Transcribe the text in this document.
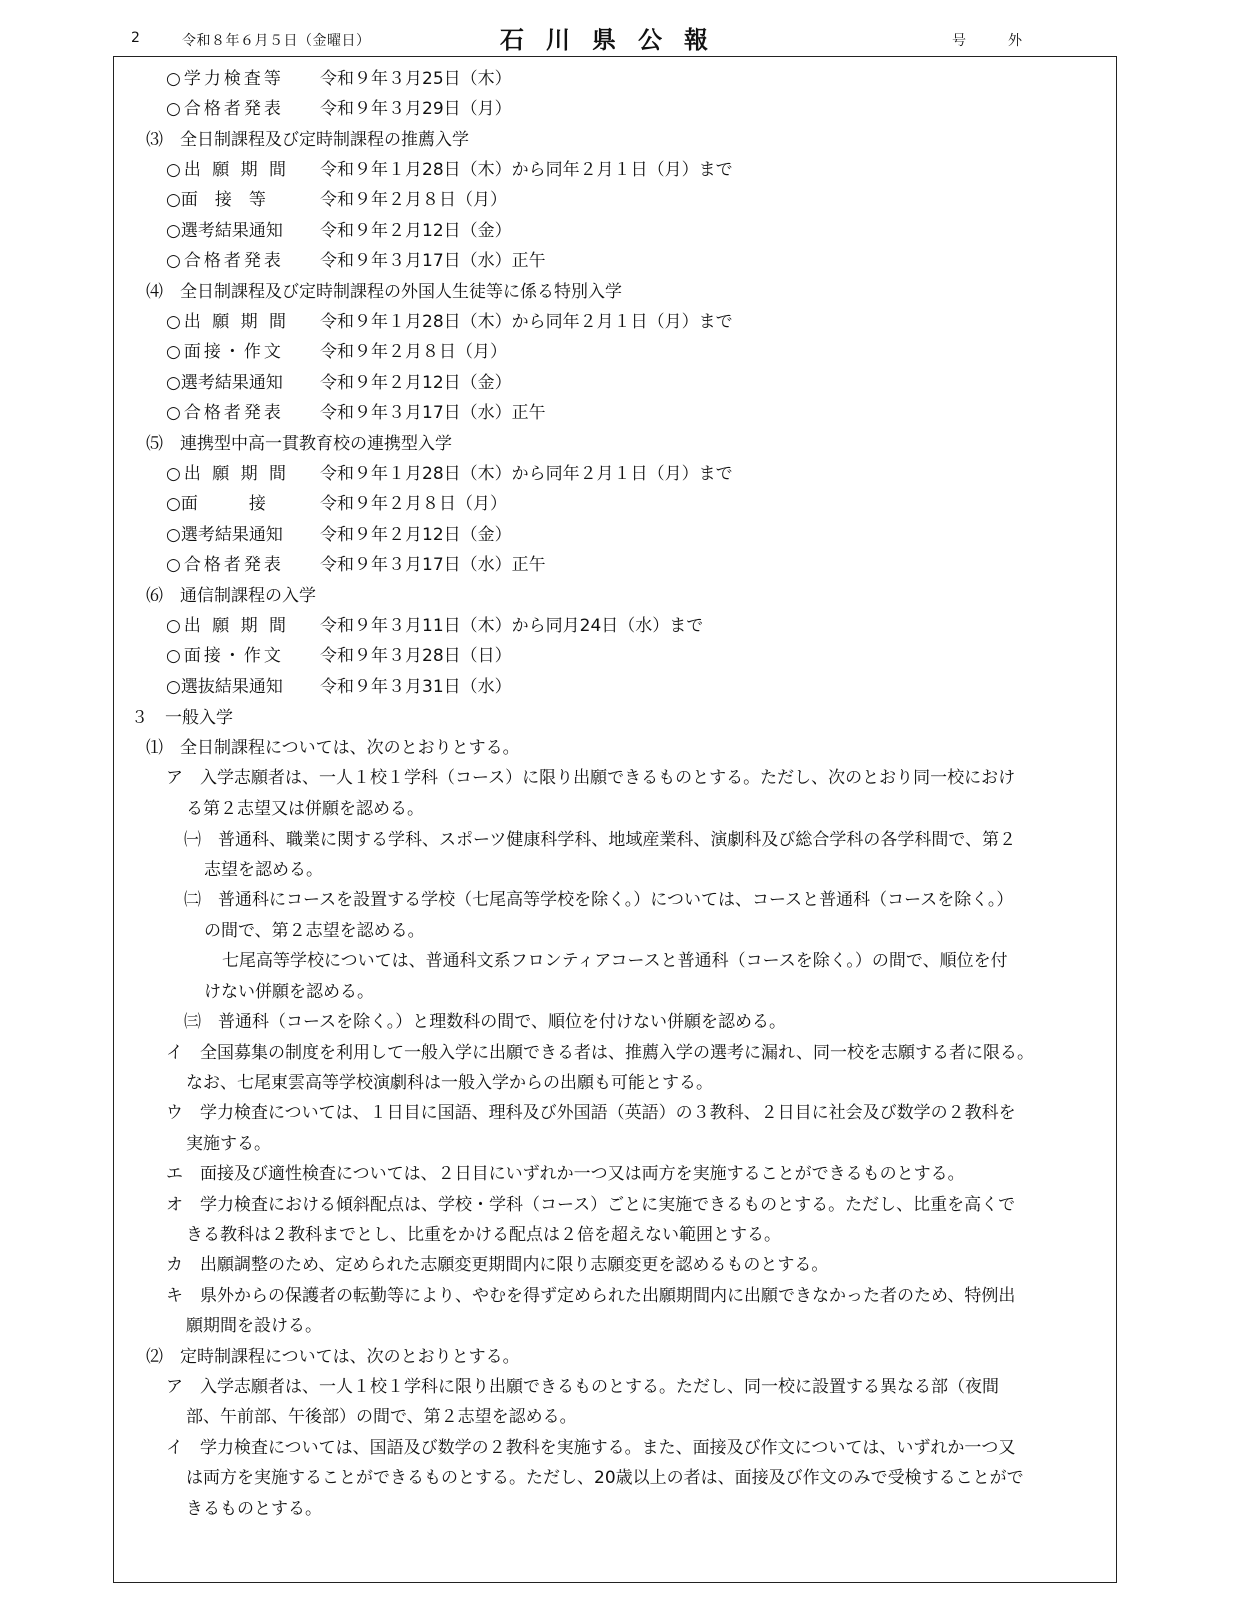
2	令和８年６月５日（金曜日）	石川県公報	号　　　外
○学力検査等 令和９年３月25日（木）
○合格者発表 令和９年３月29日（月）
⑶　全日制課程及び定時制課程の推薦入学
○出 願 期 間 令和９年１月28日（木）から同年２月１日（月）まで
○面　接　等	令和９年２月８日（月）
○選考結果通知 令和９年２月12日（金）
○合格者発表 令和９年３月17日（水）正午
⑷　全日制課程及び定時制課程の外国人生徒等に係る特別入学
○出 願 期 間 令和９年１月28日（木）から同年２月１日（月）まで
○面接・作文 令和９年２月８日（月）
○選考結果通知 令和９年２月12日（金）
○合格者発表 令和９年３月17日（水）正午
⑸　連携型中高一貫教育校の連携型入学
○出 願 期 間 令和９年１月28日（木）から同年２月１日（月）まで
○面　　　接	令和９年２月８日（月）
○選考結果通知 令和９年２月12日（金）
○合格者発表 令和９年３月17日（水）正午
⑹　通信制課程の入学
○出 願 期 間 令和９年３月11日（木）から同月24日（水）まで
○面接・作文 令和９年３月28日（日）
○選抜結果通知 令和９年３月31日（水）
３　一般入学
⑴　全日制課程については、次のとおりとする。
ア　入学志願者は、一人１校１学科（コース）に限り出願できるものとする。ただし、次のとおり同一校におけ
る第２志望又は併願を認める。
㈠　普通科、職業に関する学科、スポーツ健康科学科、地域産業科、演劇科及び総合学科の各学科間で、第２
志望を認める。
㈡　普通科にコースを設置する学校（七尾高等学校を除く。）については、コースと普通科（コースを除く。）
の間で、第２志望を認める。
七尾高等学校については、普通科文系フロンティアコースと普通科（コースを除く。）の間で、順位を付
けない併願を認める。
㈢　普通科（コースを除く。）と理数科の間で、順位を付けない併願を認める。
イ　全国募集の制度を利用して一般入学に出願できる者は、推薦入学の選考に漏れ、同一校を志願する者に限る。
なお、七尾東雲高等学校演劇科は一般入学からの出願も可能とする。
ウ　学力検査については、１日目に国語、理科及び外国語（英語）の３教科、２日目に社会及び数学の２教科を
実施する。
エ　面接及び適性検査については、２日目にいずれか一つ又は両方を実施することができるものとする。
オ　学力検査における傾斜配点は、学校・学科（コース）ごとに実施できるものとする。ただし、比重を高くで
きる教科は２教科までとし、比重をかける配点は２倍を超えない範囲とする。
カ　出願調整のため、定められた志願変更期間内に限り志願変更を認めるものとする。
キ　県外からの保護者の転勤等により、やむを得ず定められた出願期間内に出願できなかった者のため、特例出
願期間を設ける。
⑵　定時制課程については、次のとおりとする。
ア　入学志願者は、一人１校１学科に限り出願できるものとする。ただし、同一校に設置する異なる部（夜間
部、午前部、午後部）の間で、第２志望を認める。
イ　学力検査については、国語及び数学の２教科を実施する。また、面接及び作文については、いずれか一つ又
は両方を実施することができるものとする。ただし、20歳以上の者は、面接及び作文のみで受検することがで
きるものとする。
